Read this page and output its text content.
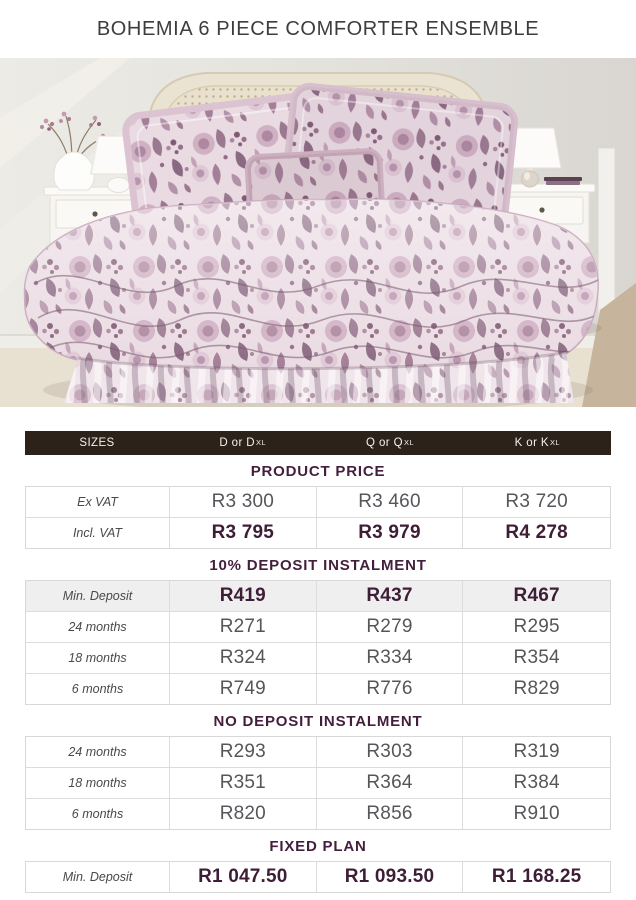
BOHEMIA 6 PIECE COMFORTER ENSEMBLE
SIZES	D or D XL	Q or Q XL	K or K XL
PRODUCT PRICE
Ex VAT	R3 300	R3 460	R3 720
Incl. VAT	R3 795	R3 979	R4 278
10% DEPOSIT INSTALMENT
Min. Deposit	R419	R437	R467
24 months	R271	R279	R295
18 months	R324	R334	R354
6 months	R749	R776	R829
NO DEPOSIT INSTALMENT
24 months	R293	R303	R319
18 months	R351	R364	R384
6 months	R820	R856	R910
FIXED PLAN
Min. Deposit	R1 047.50	R1 093.50	R1 168.25
